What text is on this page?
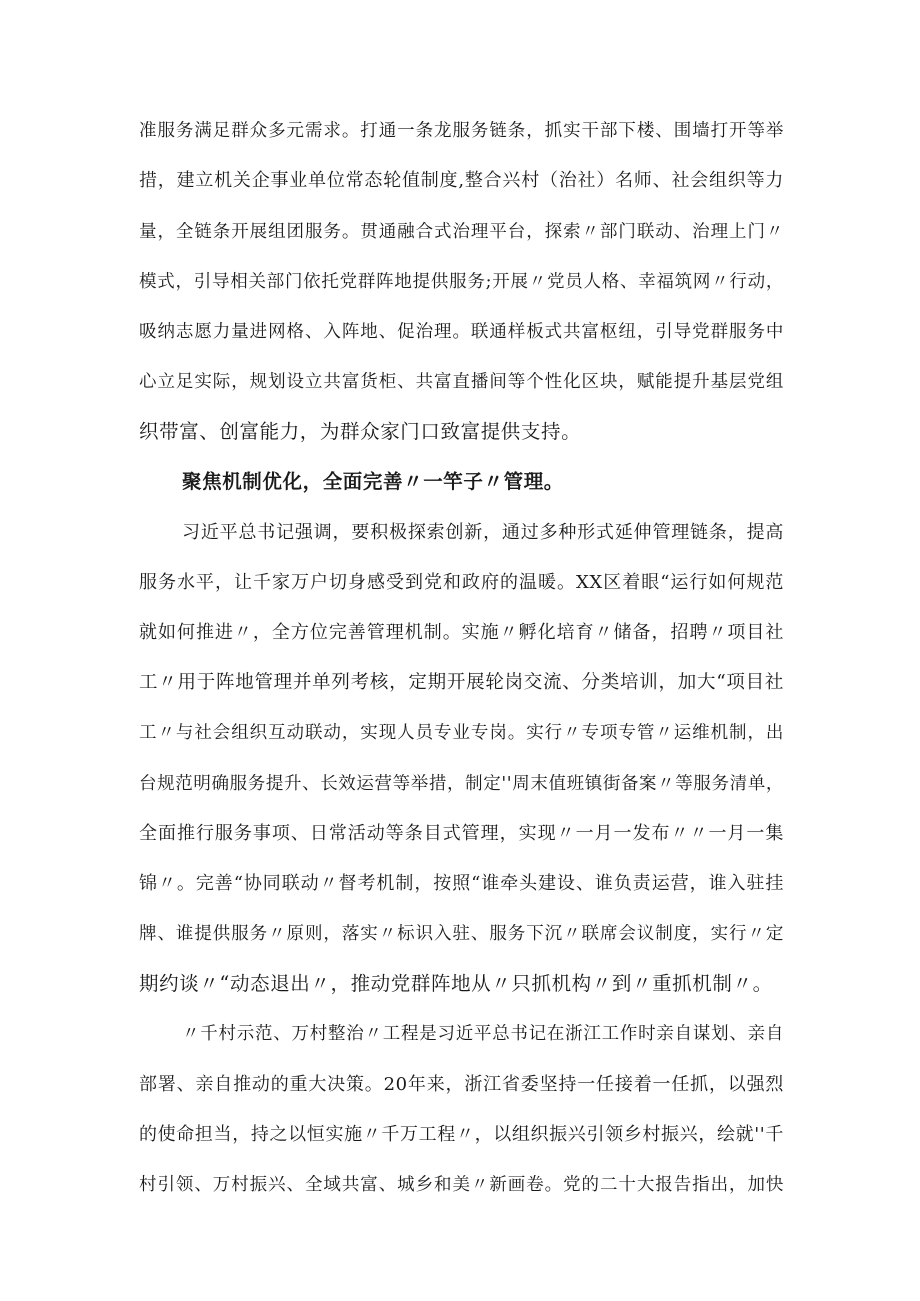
准服务满足群众多元需求。打通一条龙服务链条，抓实干部下楼、围墙打开等举
措，建立机关企事业单位常态轮值制度,整合兴村（治社）名师、社会组织等力
量，全链条开展组团服务。贯通融合式治理平台，探索〃部门联动、治理上门〃
模式，引导相关部门依托党群阵地提供服务;开展〃党员人格、幸福筑网〃行动，
吸纳志愿力量进网格、入阵地、促治理。联通样板式共富枢纽，引导党群服务中
心立足实际，规划设立共富货柜、共富直播间等个性化区块，赋能提升基层党组
织带富、创富能力，为群众家门口致富提供支持。
聚焦机制优化，全面完善〃一竿子〃管理。
习近平总书记强调，要积极探索创新，通过多种形式延伸管理链条，提高
服务水平，让千家万户切身感受到党和政府的温暖。XX区着眼“运行如何规范
就如何推进〃，全方位完善管理机制。实施〃孵化培育〃储备，招聘〃项目社
工〃用于阵地管理并单列考核，定期开展轮岗交流、分类培训，加大“项目社
工〃与社会组织互动联动，实现人员专业专岗。实行〃专项专管〃运维机制，出
台规范明确服务提升、长效运营等举措，制定''周末值班镇街备案〃等服务清单，
全面推行服务事项、日常活动等条目式管理，实现〃一月一发布〃〃一月一集
锦〃。完善“协同联动〃督考机制，按照“谁牵头建设、谁负责运营，谁入驻挂
牌、谁提供服务〃原则，落实〃标识入驻、服务下沉〃联席会议制度，实行〃定
期约谈〃“动态退出〃，推动党群阵地从〃只抓机构〃到〃重抓机制〃。
〃千村示范、万村整治〃工程是习近平总书记在浙江工作时亲自谋划、亲自
部署、亲自推动的重大决策。20年来，浙江省委坚持一任接着一任抓，以强烈
的使命担当，持之以恒实施〃千万工程〃，以组织振兴引领乡村振兴，绘就''千
村引领、万村振兴、全域共富、城乡和美〃新画卷。党的二十大报告指出，加快
